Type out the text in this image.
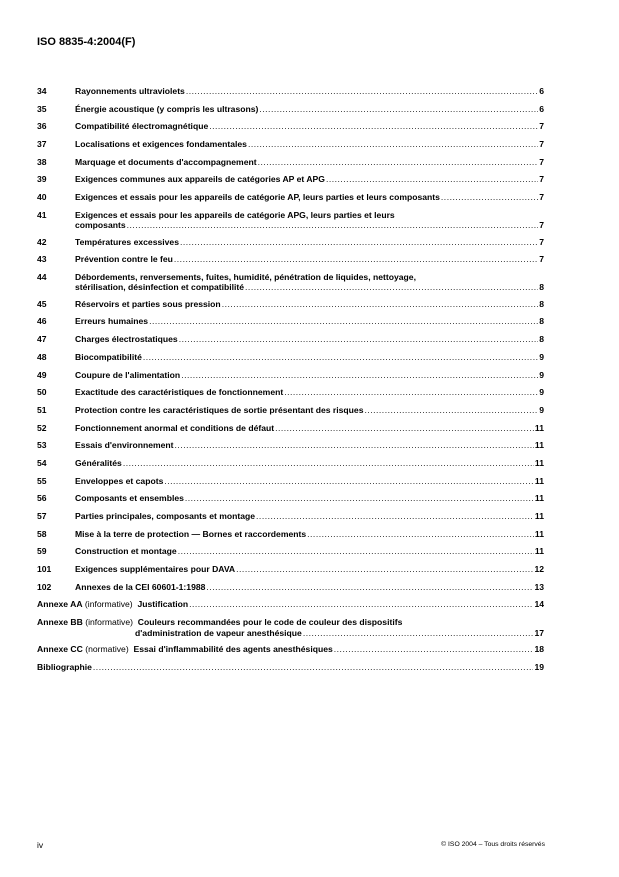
ISO 8835-4:2004(F)
34	Rayonnements ultraviolets .....	6
35	Énergie acoustique (y compris les ultrasons) .....	6
36	Compatibilité électromagnétique .....	7
37	Localisations et exigences fondamentales .....	7
38	Marquage et documents d'accompagnement .....	7
39	Exigences communes aux appareils de catégories AP et APG .....	7
40	Exigences et essais pour les appareils de catégorie AP, leurs parties et leurs composants .....	7
41	Exigences et essais pour les appareils de catégorie APG, leurs parties et leurs
composants .....	7
42	Températures excessives .....	7
43	Prévention contre le feu .....	7
44	Débordements, renversements, fuites, humidité, pénétration de liquides, nettoyage,
stérilisation, désinfection et compatibilité .....	8
45	Réservoirs et parties sous pression .....	8
46	Erreurs humaines .....	8
47	Charges électrostatiques .....	8
48	Biocompatibilité .....	9
49	Coupure de l'alimentation .....	9
50	Exactitude des caractéristiques de fonctionnement .....	9
51	Protection contre les caractéristiques de sortie présentant des risques .....	9
52	Fonctionnement anormal et conditions de défaut .....	11
53	Essais d'environnement .....	11
54	Généralités .....	11
55	Enveloppes et capots .....	11
56	Composants et ensembles .....	11
57	Parties principales, composants et montage .....	11
58	Mise à la terre de protection — Bornes et raccordements .....	11
59	Construction et montage .....	11
101	Exigences supplémentaires pour DAVA .....	12
102	Annexes de la CEI 60601-1:1988 .....	13
Annexe AA
(informative)
Justification .....	14
Annexe BB (informative) Couleurs recommandées pour le code de couleur des dispositifs
d'administration de vapeur anesthésique .....	17
Annexe CC
(normative)
Essai d'inflammabilité des agents anesthésiques .....	18
Bibliographie .....	19
iv	© ISO 2004 – Tous droits réservés
